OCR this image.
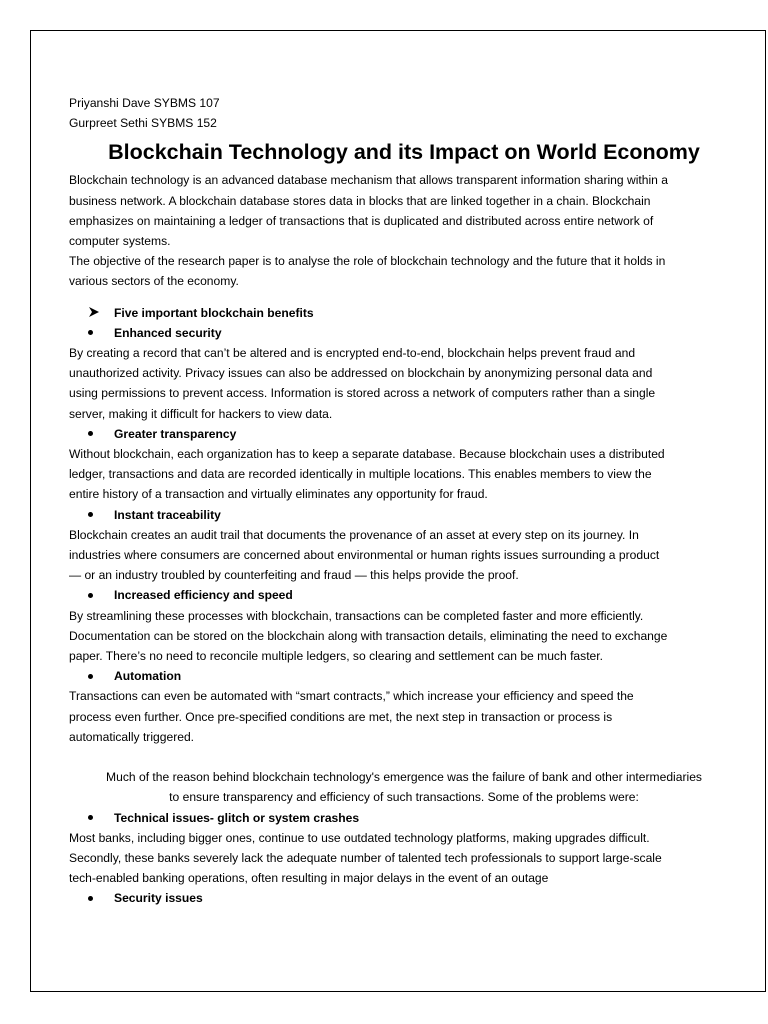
Priyanshi Dave SYBMS 107

Gurpreet Sethi SYBMS 152

Blockchain Technology and its Impact on World Economy

Blockchain technology is an advanced database mechanism that allows transparent information sharing within a

business network. A blockchain database stores data in blocks that are linked together in a chain. Blockchain

emphasizes on maintaining a ledger of transactions that is duplicated and distributed across entire network of

computer systems.

The objective of the research paper is to analyse the role of blockchain technology and the future that it holds in

various sectors of the economy.

Five important blockchain benefits
Enhanced security

By creating a record that can’t be altered and is encrypted end-to-end, blockchain helps prevent fraud and

unauthorized activity. Privacy issues can also be addressed on blockchain by anonymizing personal data and

using permissions to prevent access. Information is stored across a network of computers rather than a single

server, making it difficult for hackers to view data.

Greater transparency

Without blockchain, each organization has to keep a separate database. Because blockchain uses a distributed

ledger, transactions and data are recorded identically in multiple locations. This enables members to view the

entire history of a transaction and virtually eliminates any opportunity for fraud.

Instant traceability

Blockchain creates an audit trail that documents the provenance of an asset at every step on its journey. In

industries where consumers are concerned about environmental or human rights issues surrounding a product

— or an industry troubled by counterfeiting and fraud — this helps provide the proof.

Increased efficiency and speed

By streamlining these processes with blockchain, transactions can be completed faster and more efficiently.

Documentation can be stored on the blockchain along with transaction details, eliminating the need to exchange

paper. There’s no need to reconcile multiple ledgers, so clearing and settlement can be much faster.

Automation

Transactions can even be automated with “smart contracts,” which increase your efficiency and speed the

process even further. Once pre-specified conditions are met, the next step in transaction or process is

automatically triggered.

Much of the reason behind blockchain technology's emergence was the failure of bank and other intermediaries

to ensure transparency and efficiency of such transactions. Some of the problems were:

Technical issues- glitch or system crashes

Most banks, including bigger ones, continue to use outdated technology platforms, making upgrades difficult.

Secondly, these banks severely lack the adequate number of talented tech professionals to support large-scale

tech-enabled banking operations, often resulting in major delays in the event of an outage

Security issues
